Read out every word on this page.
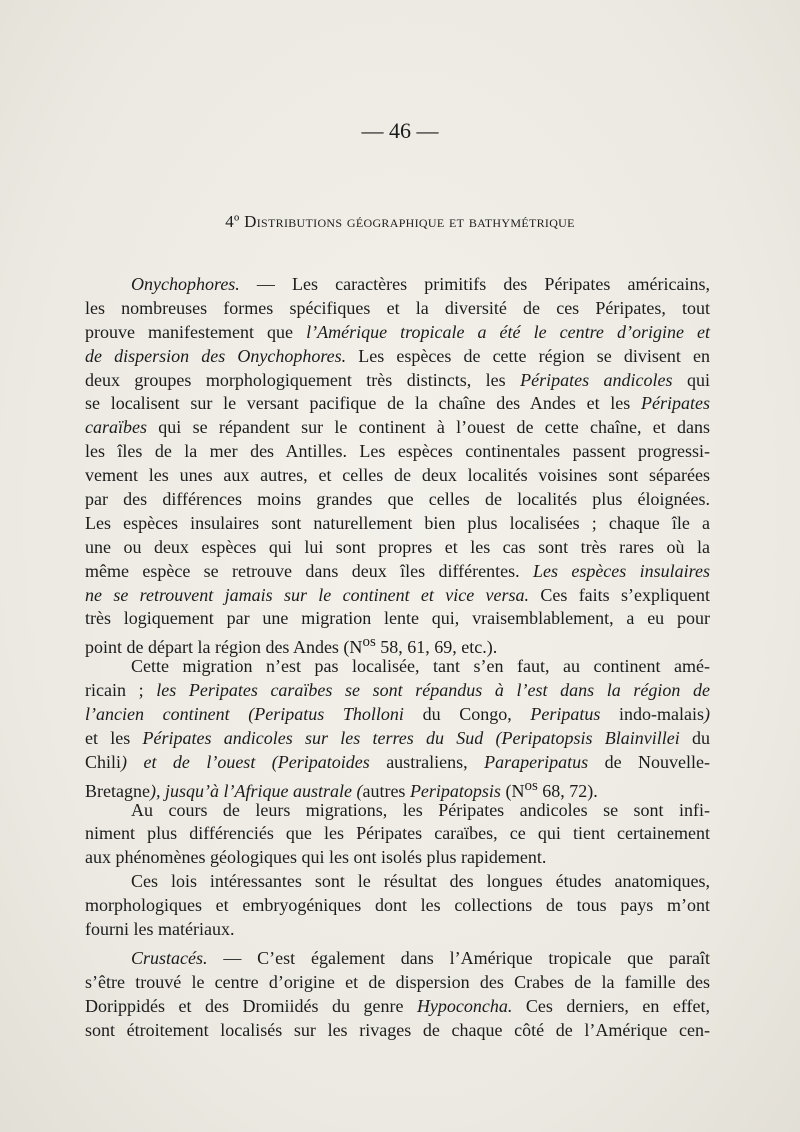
— 46 —
4º Distributions géographique et bathymétrique
Onychophores. — Les caractères primitifs des Péripates américains,
les nombreuses formes spécifiques et la diversité de ces Péripates, tout
prouve manifestement que l’Amérique tropicale a été le centre d’origine et
de dispersion des Onychophores. Les espèces de cette région se divisent en
deux groupes morphologiquement très distincts, les Péripates andicoles qui
se localisent sur le versant pacifique de la chaîne des Andes et les Péripates
caraïbes qui se répandent sur le continent à l’ouest de cette chaîne, et dans
les îles de la mer des Antilles. Les espèces continentales passent progressi-
vement les unes aux autres, et celles de deux localités voisines sont séparées
par des différences moins grandes que celles de localités plus éloignées.
Les espèces insulaires sont naturellement bien plus localisées ; chaque île a
une ou deux espèces qui lui sont propres et les cas sont très rares où la
même espèce se retrouve dans deux îles différentes. Les espèces insulaires
ne se retrouvent jamais sur le continent et vice versa. Ces faits s’expliquent
très logiquement par une migration lente qui, vraisemblablement, a eu pour
point de départ la région des Andes ($N^{os}$ 58, 61, 69, etc.).
Cette migration n’est pas localisée, tant s’en faut, au continent amé-
ricain ; les Peripates caraïbes se sont répandus à l’est dans la région de
l’ancien continent (Peripatus Tholloni du Congo, Peripatus indo-malais)
et les Péripates andicoles sur les terres du Sud (Peripatopsis Blainvillei du
Chili) et de l’ouest (Peripatoides australiens, Paraperipatus de Nouvelle-
Bretagne), jusqu’à l’Afrique australe (autres Peripatopsis ($N^{os}$ 68, 72).
Au cours de leurs migrations, les Péripates andicoles se sont infi-
niment plus différenciés que les Péripates caraïbes, ce qui tient certainement
aux phénomènes géologiques qui les ont isolés plus rapidement.
Ces lois intéressantes sont le résultat des longues études anatomiques,
morphologiques et embryogéniques dont les collections de tous pays m’ont
fourni les matériaux.
Crustacés. — C’est également dans l’Amérique tropicale que paraît
s’être trouvé le centre d’origine et de dispersion des Crabes de la famille des
Dorippidés et des Dromiidés du genre Hypoconcha. Ces derniers, en effet,
sont étroitement localisés sur les rivages de chaque côté de l’Amérique cen-
